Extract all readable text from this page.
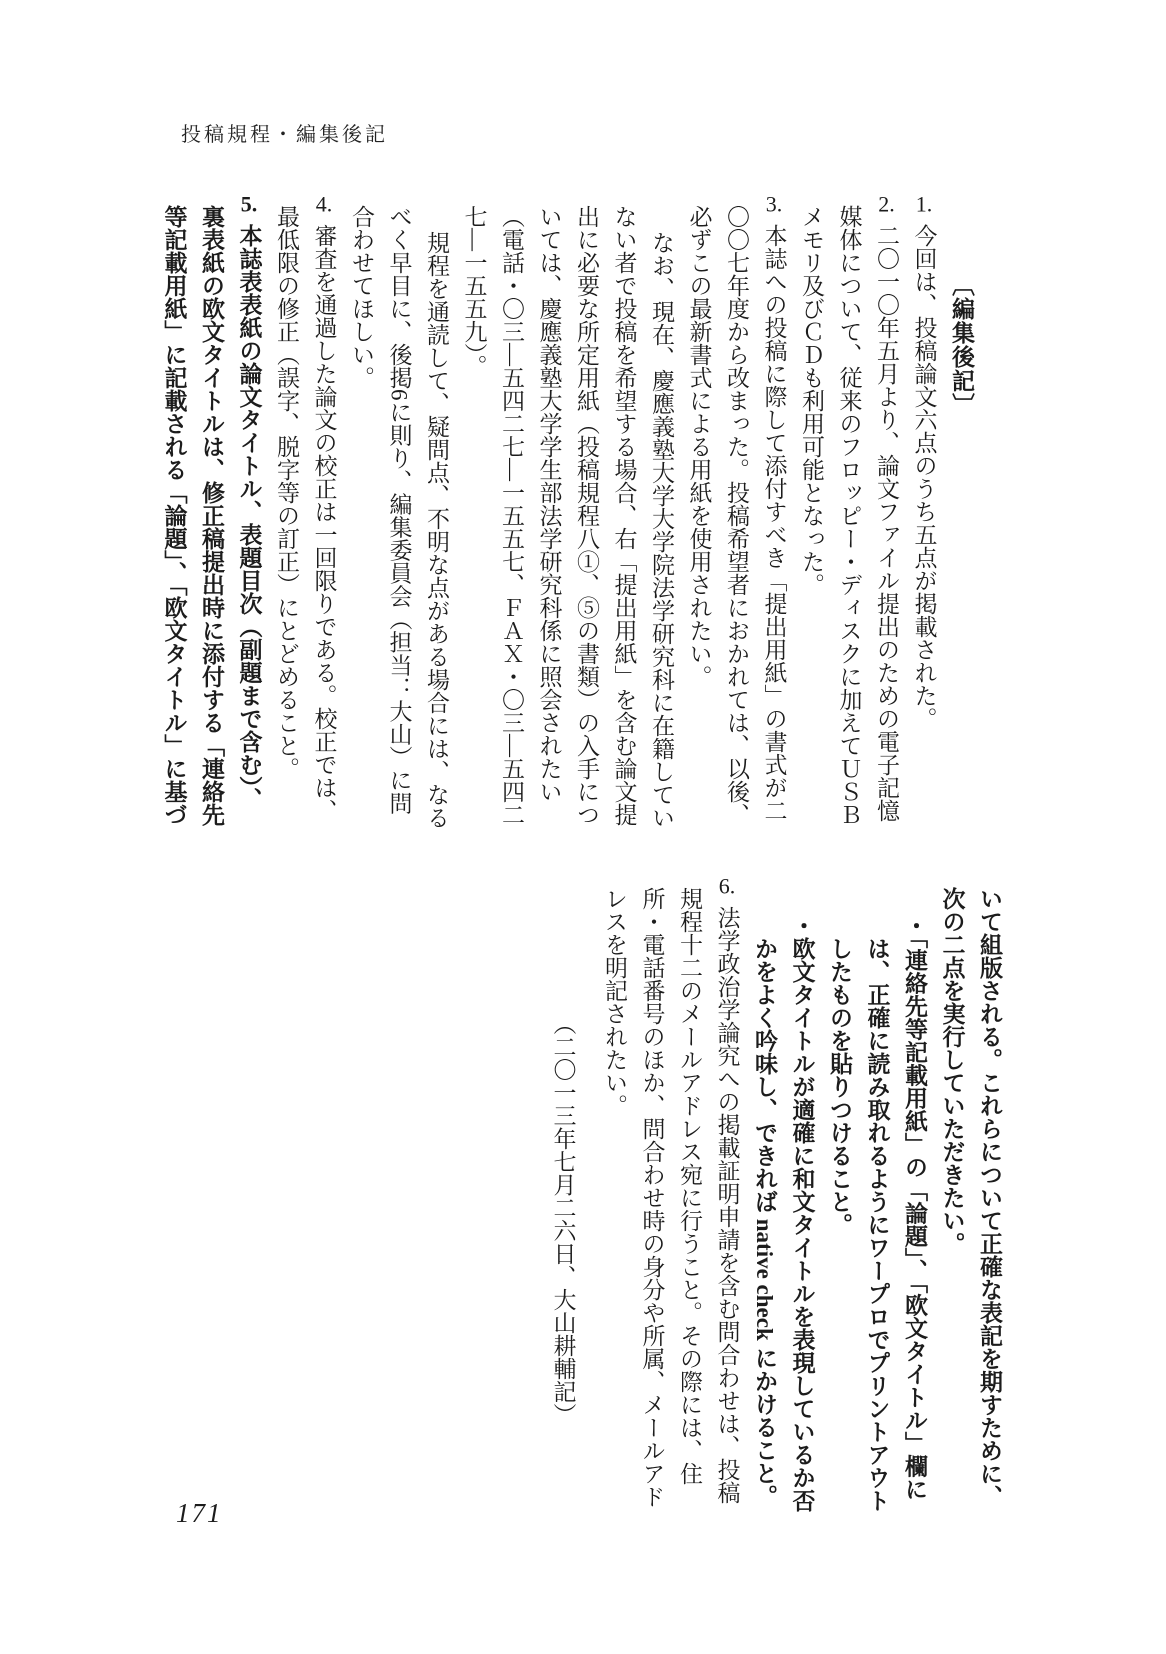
投稿規程・編集後記

〔編集後記〕

1.今回は、投稿論文六点のうち五点が掲載された。

2.二〇一〇年五月より、論文ファイル提出のための電子記憶媒体について、従来のフロッピー・ディスクに加えてＵＳＢメモリ及びＣＤも利用可能となった。

3.本誌への投稿に際して添付すべき「提出用紙」の書式が二〇〇七年度から改まった。投稿希望者におかれては、以後、必ずこの最新書式による用紙を使用されたい。

なお、現在、慶應義塾大学大学院法学研究科に在籍していない者で投稿を希望する場合、右「提出用紙」を含む論文提出に必要な所定用紙（投稿規程八①、⑤の書類）の入手については、慶應義塾大学学生部法学研究科係に照会されたい（電話・〇三―五四二七―一五五七、ＦＡＸ・〇三―五四二七―一五五九）。

規程を通読して、疑問点、不明な点がある場合には、なるべく早目に、後掲6に則り、編集委員会（担当：大山）に問合わせてほしい。

4.審査を通過した論文の校正は一回限りである。校正では、最低限の修正（誤字、脱字等の訂正）にとどめること。

5.本誌表表紙の論文タイトル、表題目次（副題まで含む）、裏表紙の欧文タイトルは、修正稿提出時に添付する「連絡先等記載用紙」に記載される「論題」、「欧文タイトル」に基づ

いて組版される。これらについて正確な表記を期すために、次の二点を実行していただきたい。

・「連絡先等記載用紙」の「論題」、「欧文タイトル」欄には、正確に読み取れるようにワープロでプリントアウトしたものを貼りつけること。

・欧文タイトルが適確に和文タイトルを表現しているか否かをよく吟味し、できれば native check にかけること。

6.法学政治学論究への掲載証明申請を含む問合わせは、投稿規程十二のメールアドレス宛に行うこと。その際には、住所・電話番号のほか、問合わせ時の身分や所属、メールアドレスを明記されたい。

（二〇一三年七月二六日、大山耕輔記）

171
